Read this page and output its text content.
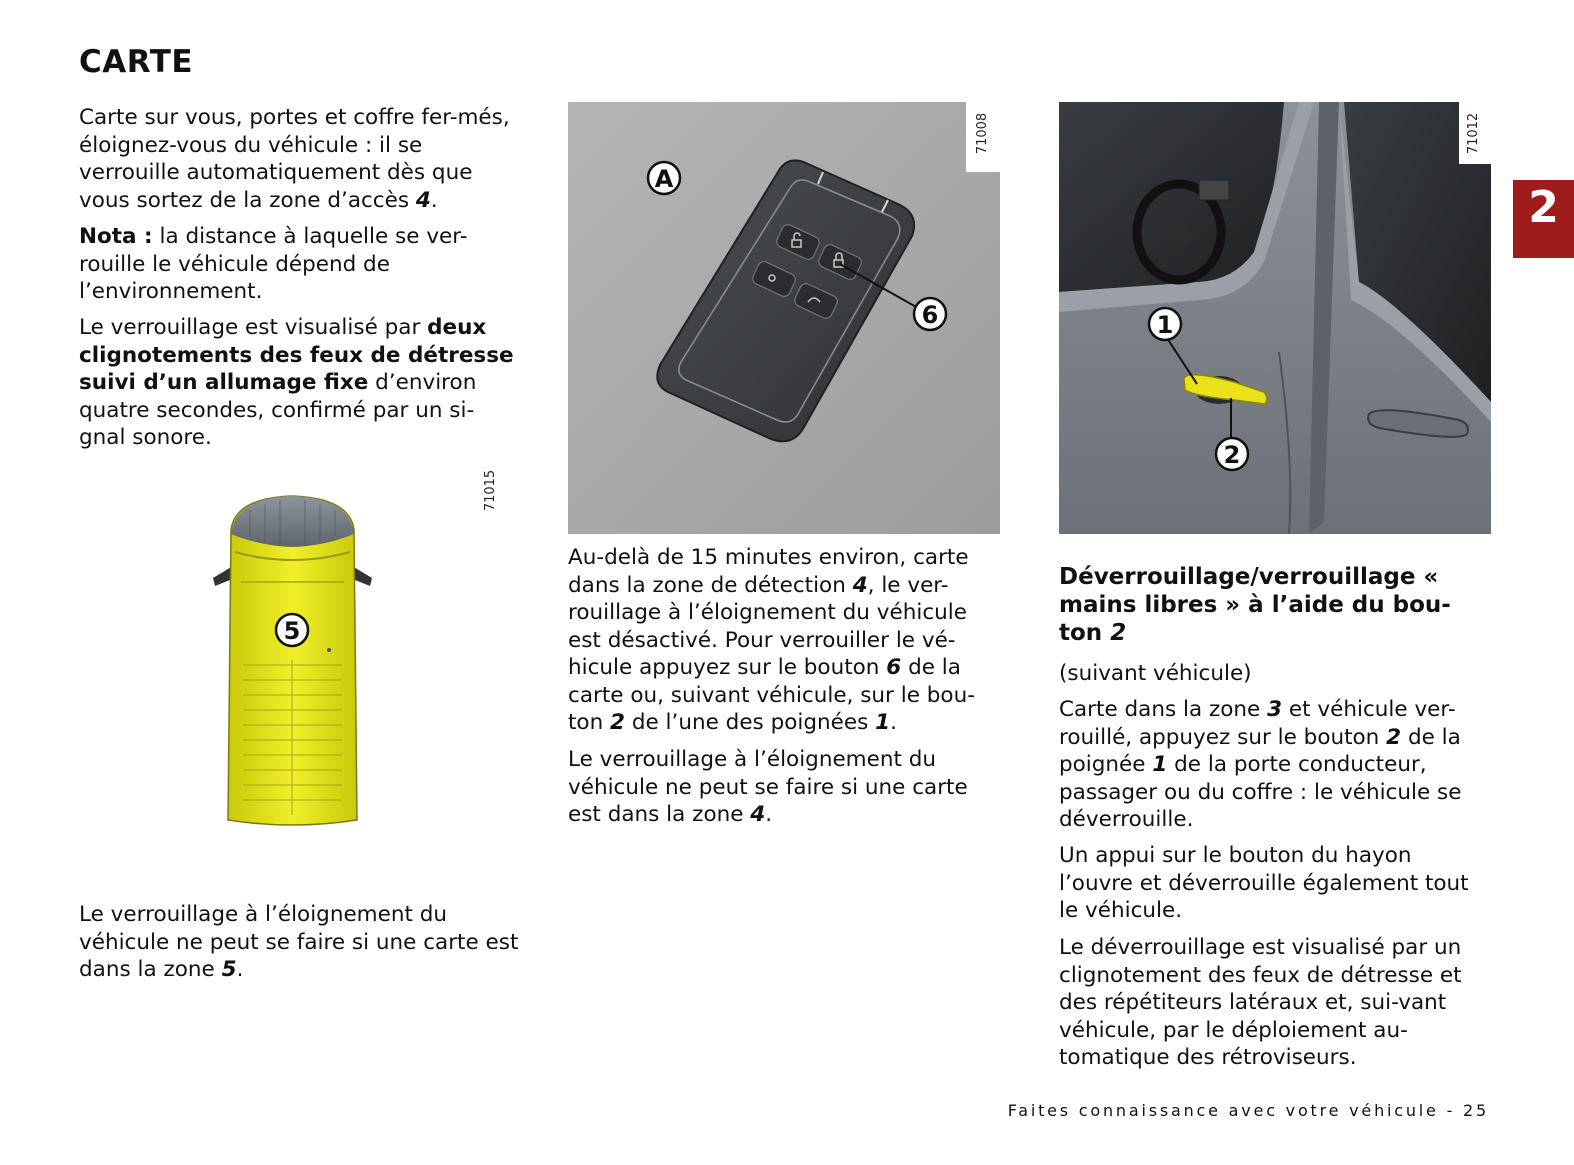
CARTE
2

Carte sur vous, portes et coffre fer-més, éloignez-vous du véhicule : il se verrouille automatiquement dès que vous sortez de la zone d’accès 4.

Nota : la distance à laquelle se ver-rouille le véhicule dépend de l’environnement.

Le verrouillage est visualisé par deux clignotements des feux de détresse suivi d’un allumage fixe d’environ quatre secondes, confirmé par un si-gnal sonore.

71015
5

Le verrouillage à l’éloignement du véhicule ne peut se faire si une carte est dans la zone 5.

6
A
71008

Au-delà de 15 minutes environ, carte dans la zone de détection 4, le ver-rouillage à l’éloignement du véhicule est désactivé. Pour verrouiller le vé-hicule appuyez sur le bouton 6 de la carte ou, suivant véhicule, sur le bou-ton 2 de l’une des poignées 1.

Le verrouillage à l’éloignement du véhicule ne peut se faire si une carte est dans la zone 4.

1
2
71012

Déverrouillage/verrouillage « mains libres » à l’aide du bou-ton 2

(suivant véhicule)

Carte dans la zone 3 et véhicule ver-rouillé, appuyez sur le bouton 2 de la poignée 1 de la porte conducteur, passager ou du coffre : le véhicule se déverrouille.

Un appui sur le bouton du hayon l’ouvre et déverrouille également tout le véhicule.

Le déverrouillage est visualisé par un clignotement des feux de détresse et des répétiteurs latéraux et, sui-vant véhicule, par le déploiement au-tomatique des rétroviseurs.

Faites connaissance avec votre véhicule - 25
